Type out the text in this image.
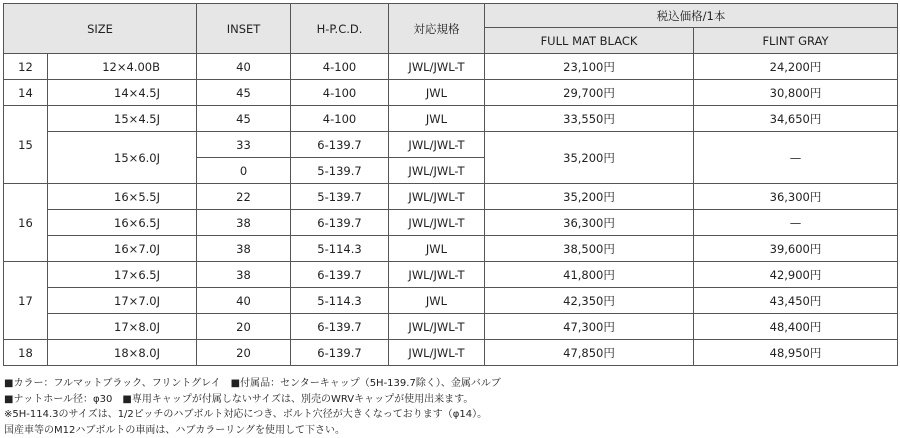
SIZE		INSET	H-P.C.D.	対応規格	税込価格/1本	
					FULL MAT BLACK	FLINT GRAY
12	12×4.00B	40	4-100	JWL/JWL-T	23,100円	24,200円
14	14×4.5J	45	4-100	JWL	29,700円	30,800円
15	15×4.5J	45	4-100	JWL	33,550円	34,650円
	15×6.0J	33	6-139.7	JWL/JWL-T	35,200円	—
		0	5-139.7	JWL/JWL-T		
16	16×5.5J	22	5-139.7	JWL/JWL-T	35,200円	36,300円
	16×6.5J	38	6-139.7	JWL/JWL-T	36,300円	—
	16×7.0J	38	5-114.3	JWL	38,500円	39,600円
17	17×6.5J	38	6-139.7	JWL/JWL-T	41,800円	42,900円
	17×7.0J	40	5-114.3	JWL	42,350円	43,450円
	17×8.0J	20	6-139.7	JWL/JWL-T	47,300円	48,400円
18	18×8.0J	20	6-139.7	JWL/JWL-T	47,850円	48,950円
■カラー：フルマットブラック、フリントグレイ　■付属品：センターキャップ（5H-139.7除く）、金属バルブ
■ナットホール径：φ30　■専用キャップが付属しないサイズは、別売のWRVキャップが使用出来ます。
※5H-114.3のサイズは、1/2ピッチのハブボルト対応につき、ボルト穴径が大きくなっております（φ14）。
国産車等のM12ハブボルトの車両は、ハブカラーリングを使用して下さい。
